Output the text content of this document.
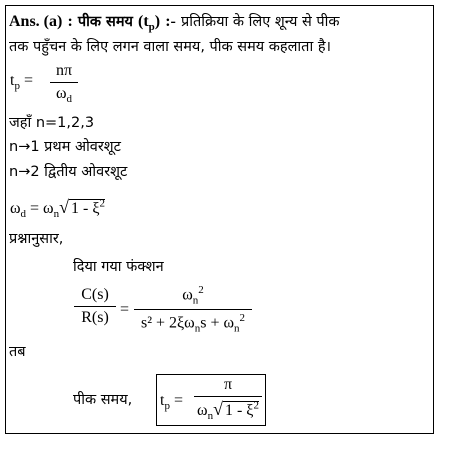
Ans. (a) : पीक समय $(t_p)$ :- प्रतिक्रिया के लिए शून्य से पीक
तक पहुँचन के लिए लगन वाला समय, पीक समय कहलाता है।
$t_p$ =
nπ
$\omega_d$
जहाँ n=1,2,3
n→1 प्रथम ओवरशूट
n→2 द्वितीय ओवरशूट
$\omega_d = \omega_n√$ $1 - \xi^2$
प्रश्नानुसार,
दिया गया फंक्शन
C(s)
R(s) =
$\omega_n^2$
$s^2 + 2\xi\omega_ns + \omega_n^2$
तब
पीक समय, $t_p$ =
π
$\omega_n√$ $1 - \xi^2$
